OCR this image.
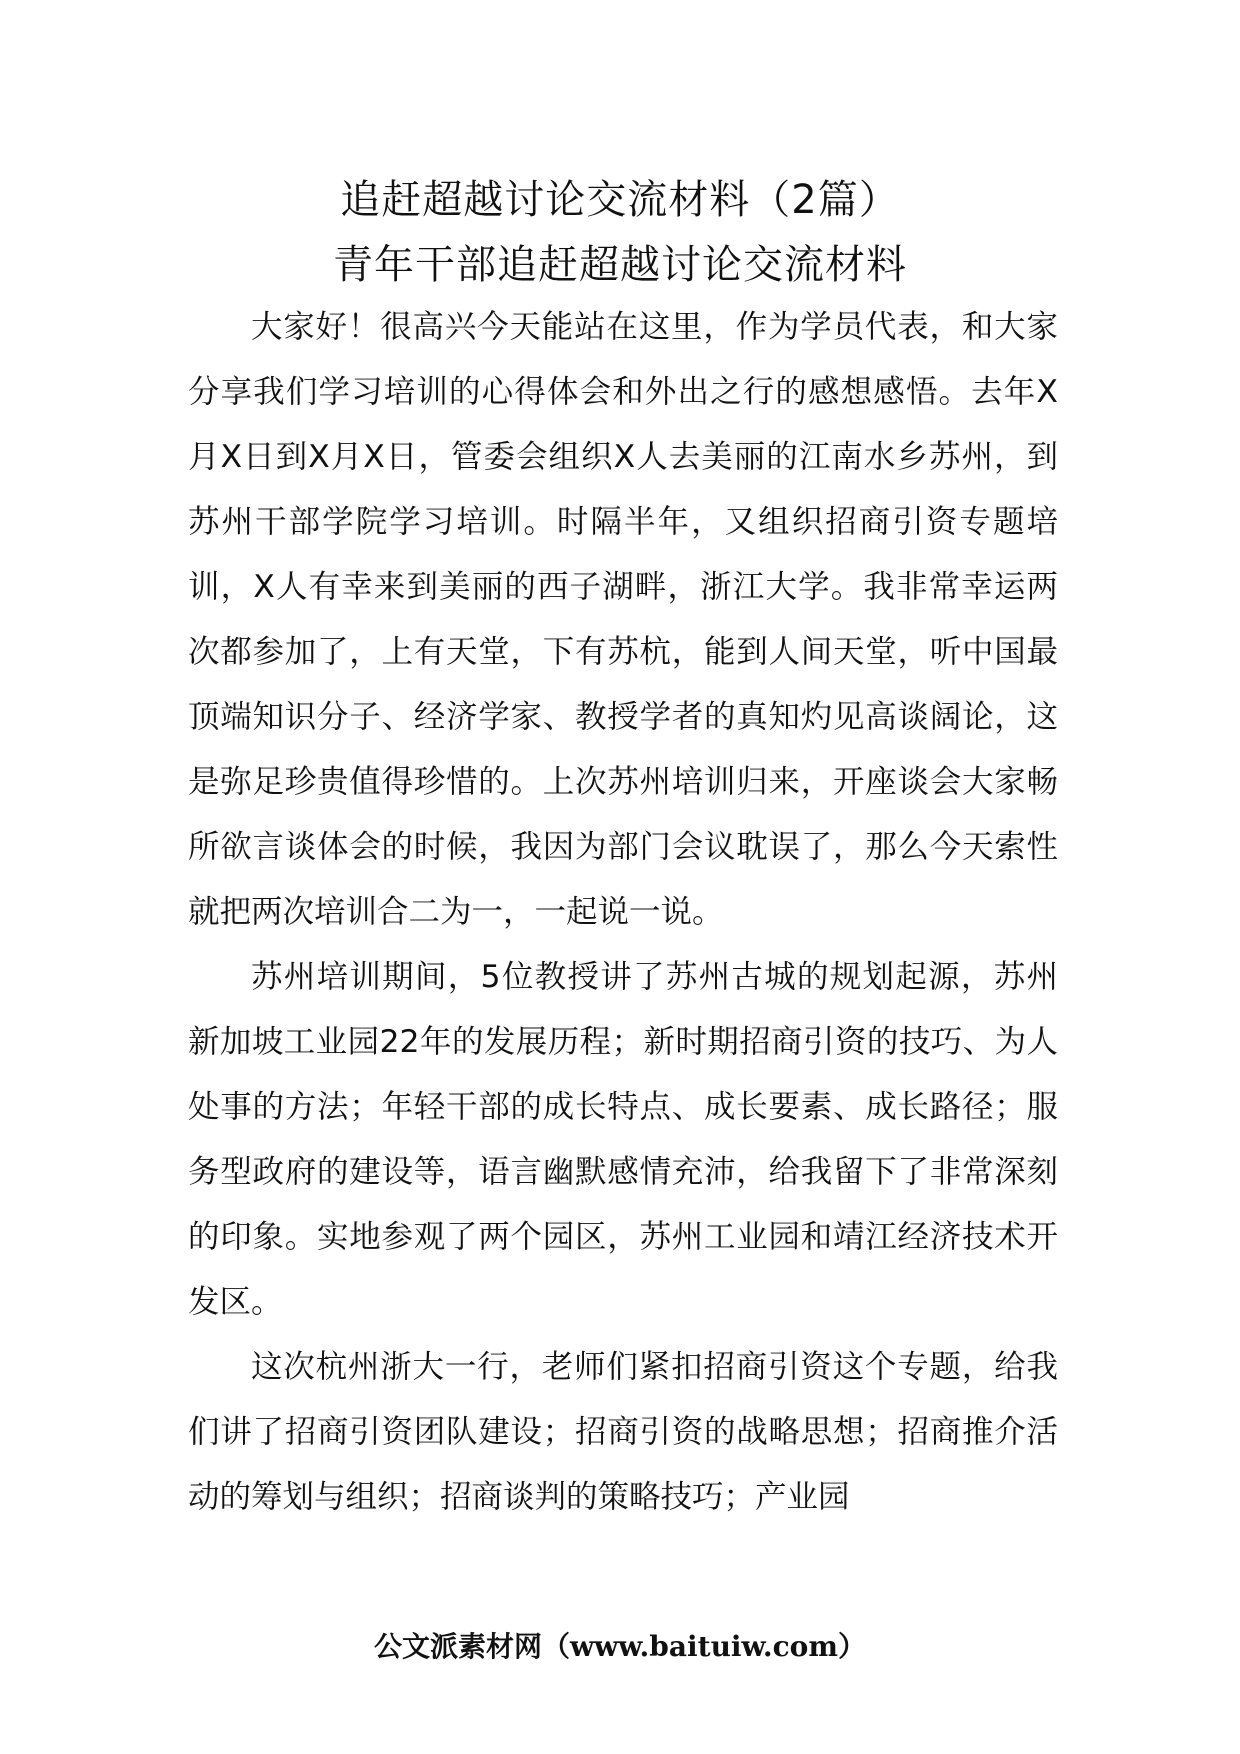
追赶超越讨论交流材料（2篇）
青年干部追赶超越讨论交流材料

大家好！很高兴今天能站在这里，作为学员代表，和大家分享我们学习培训的心得体会和外出之行的感想感悟。去年X月X日到X月X日，管委会组织X人去美丽的江南水乡苏州，到苏州干部学院学习培训。时隔半年，又组织招商引资专题培训，X人有幸来到美丽的西子湖畔，浙江大学。我非常幸运两次都参加了，上有天堂，下有苏杭，能到人间天堂，听中国最顶端知识分子、经济学家、教授学者的真知灼见高谈阔论，这是弥足珍贵值得珍惜的。上次苏州培训归来，开座谈会大家畅所欲言谈体会的时候，我因为部门会议耽误了，那么今天索性就把两次培训合二为一，一起说一说。

苏州培训期间，5位教授讲了苏州古城的规划起源，苏州新加坡工业园22年的发展历程；新时期招商引资的技巧、为人处事的方法；年轻干部的成长特点、成长要素、成长路径；服务型政府的建设等，语言幽默感情充沛，给我留下了非常深刻的印象。实地参观了两个园区，苏州工业园和靖江经济技术开发区。

这次杭州浙大一行，老师们紧扣招商引资这个专题，给我们讲了招商引资团队建设；招商引资的战略思想；招商推介活动的筹划与组织；招商谈判的策略技巧；产业园

公文派素材网（www.baituiw.com）
